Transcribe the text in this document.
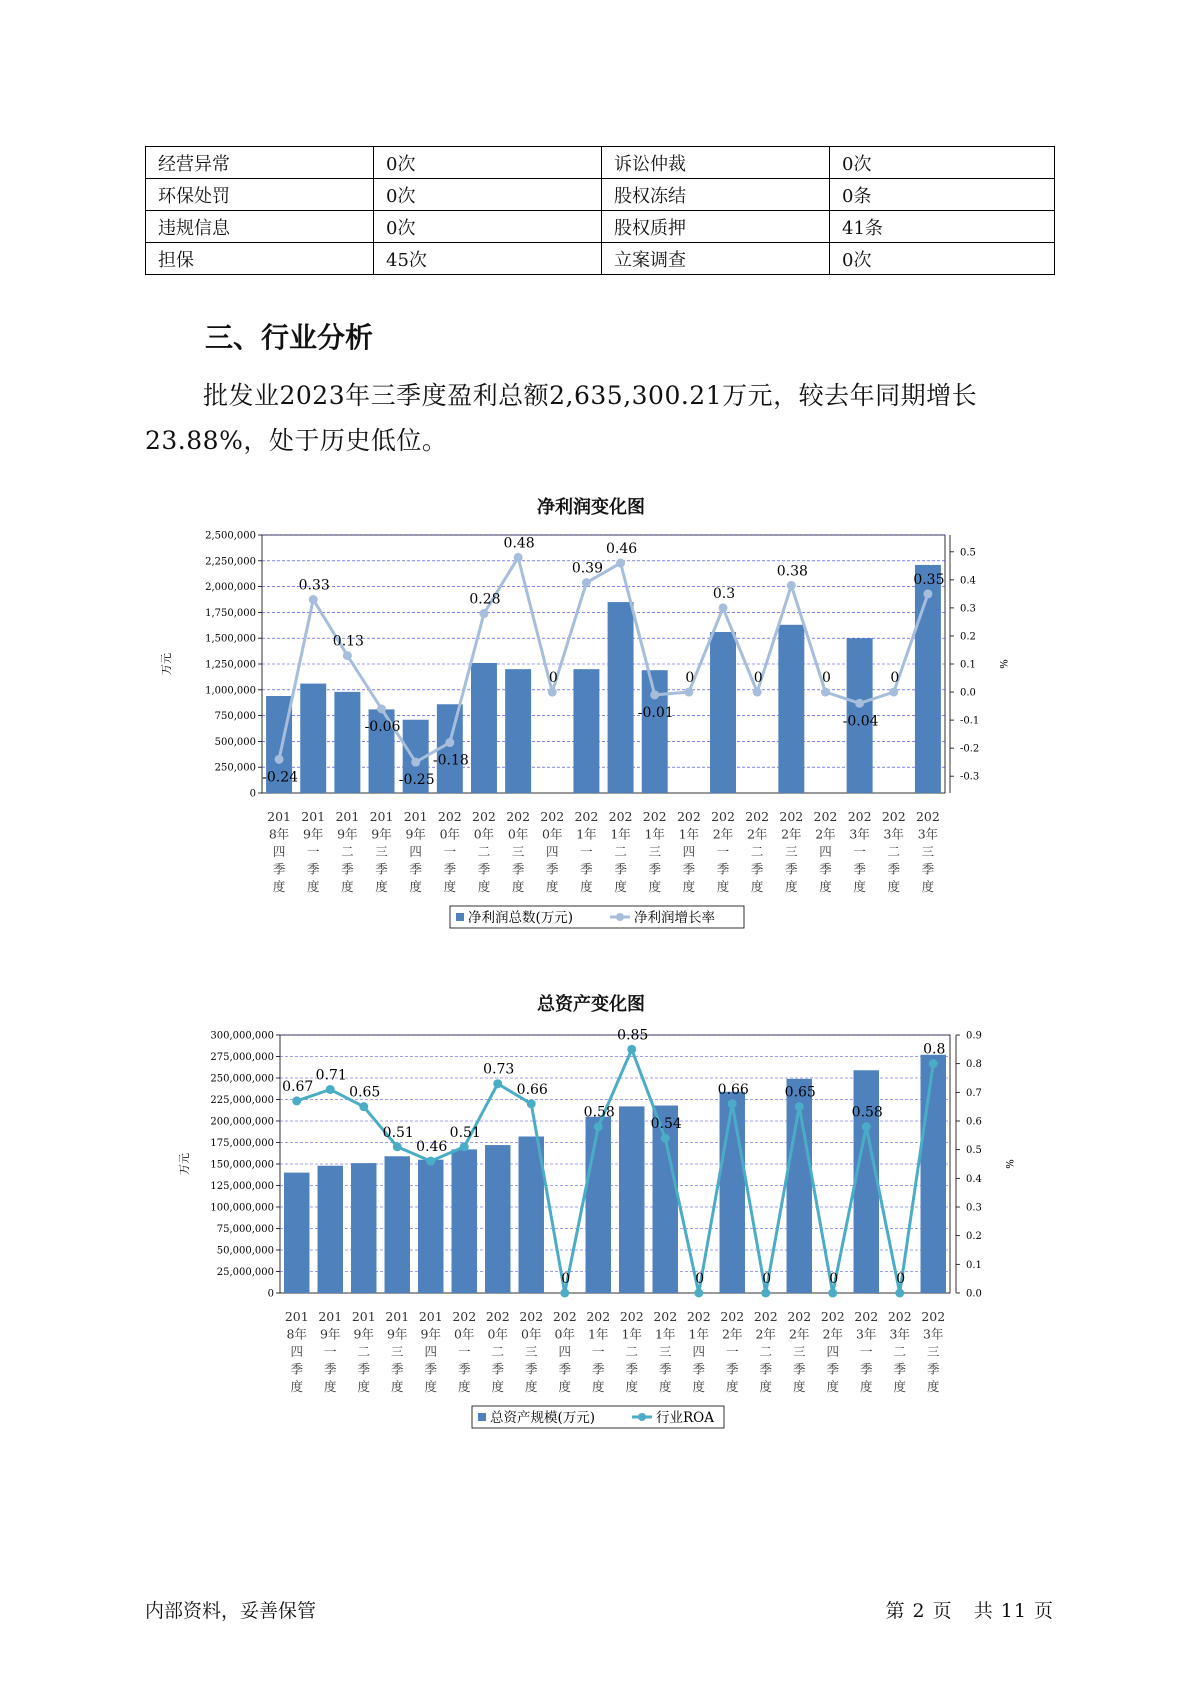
经营异常	0次	诉讼仲裁	0次
环保处罚	0次	股权冻结	0条
违规信息	0次	股权质押	41条
担保	45次	立案调查	0次
三、行业分析
批发业2023年三季度盈利总额2,635,300.21万元，较去年同期增长23.88%，处于历史低位。
净利润变化图
2,500,000
2,250,000
2,000,000
1,750,000
1,500,000
1,250,000
1,000,000
750,000
500,000
250,000
0
0.5
0.4
0.3
0.2
0.1
0.0
-0.1
-0.2
-0.3
万元	%
-0.24
0.33
0.13
-0.06
-0.25
-0.18
0.28
0.48
0
0.39
0.46
-0.01
0
0.3
0
0.38
0
-0.04
0
0.35
201
8年
四
季
度
201
9年
一
季
度
201
9年
二
季
度
201
9年
三
季
度
201
9年
四
季
度
202
0年
一
季
度
202
0年
二
季
度
202
0年
三
季
度
202
0年
四
季
度
202
1年
一
季
度
202
1年
二
季
度
202
1年
三
季
度
202
1年
四
季
度
202
2年
一
季
度
202
2年
二
季
度
202
2年
三
季
度
202
2年
四
季
度
202
3年
一
季
度
202
3年
二
季
度
202
3年
三
季
度
净利润总数(万元)	净利润增长率
总资产变化图
300,000,000
275,000,000
250,000,000
225,000,000
200,000,000
175,000,000
150,000,000
125,000,000
100,000,000
75,000,000
50,000,000
25,000,000
0
0.9
0.8
0.7
0.6
0.5
0.4
0.3
0.2
0.1
0.0
万元	%
0.67
0.71
0.65
0.51
0.46
0.51
0.73
0.66
0
0.58
0.85
0.54
0
0.66
0
0.65
0
0.58
0
0.8
201
8年
四
季
度
201
9年
一
季
度
201
9年
二
季
度
201
9年
三
季
度
201
9年
四
季
度
202
0年
一
季
度
202
0年
二
季
度
202
0年
三
季
度
202
0年
四
季
度
202
1年
一
季
度
202
1年
二
季
度
202
1年
三
季
度
202
1年
四
季
度
202
2年
一
季
度
202
2年
二
季
度
202
2年
三
季
度
202
2年
四
季
度
202
3年
一
季
度
202
3年
二
季
度
202
3年
三
季
度
总资产规模(万元)	行业ROA
内部资料，妥善保管	第 2 页   共 11 页
